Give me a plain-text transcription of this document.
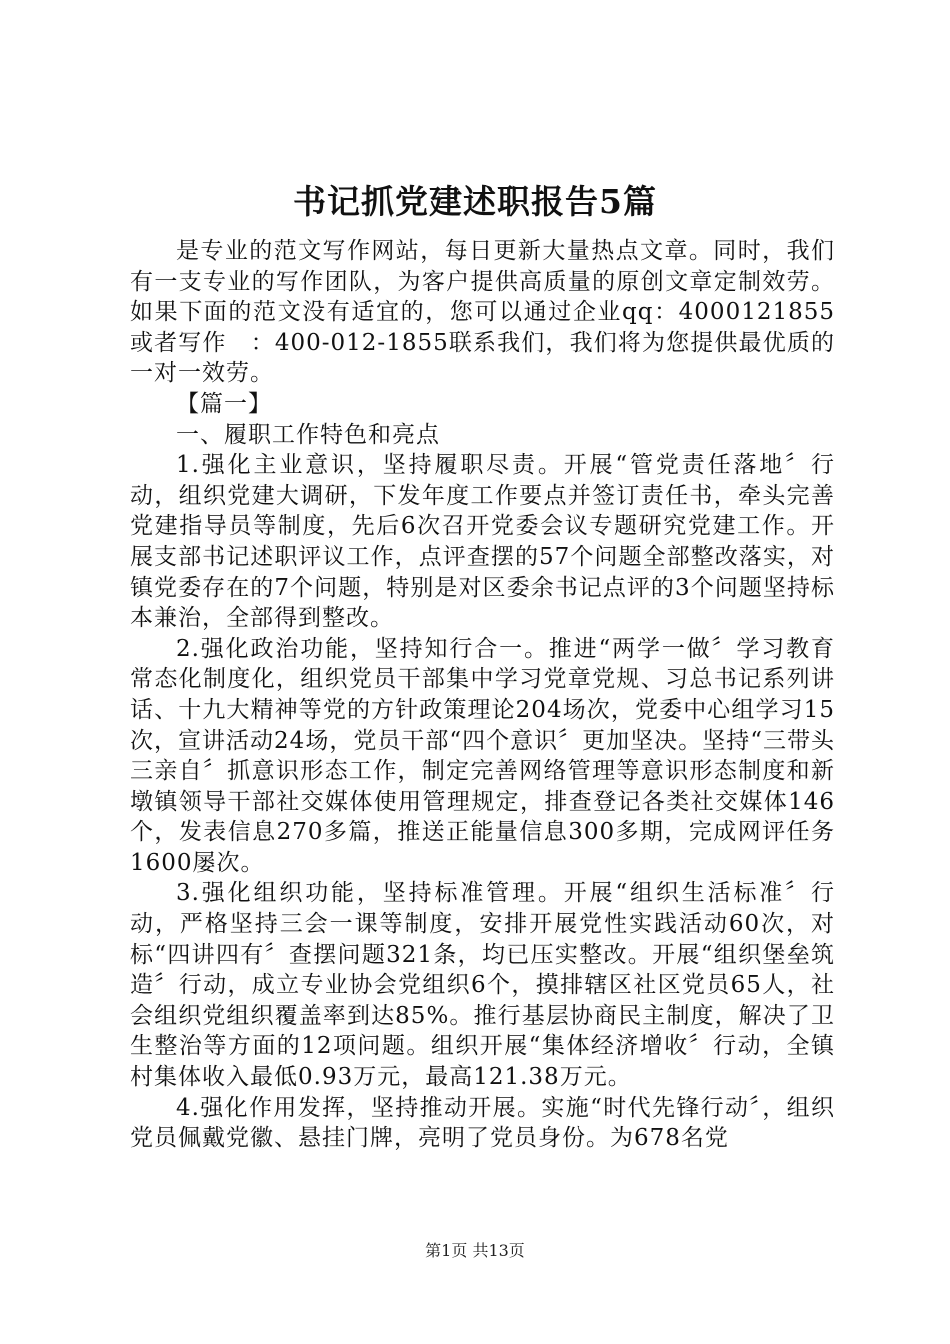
书记抓党建述职报告5篇

是专业的范文写作网站，每日更新大量热点文章。同时，我们有一支专业的写作团队，为客户提供高质量的原创文章定制效劳。如果下面的范文没有适宜的，您可以通过企业qq：4000121855或者写作　：400-012-1855联系我们，我们将为您提供最优质的一对一效劳。

【篇一】

一、履职工作特色和亮点

1.强化主业意识，坚持履职尽责。开展“管党责任落地〞行动，组织党建大调研，下发年度工作要点并签订责任书，牵头完善党建指导员等制度，先后6次召开党委会议专题研究党建工作。开展支部书记述职评议工作，点评查摆的57个问题全部整改落实，对镇党委存在的7个问题，特别是对区委余书记点评的3个问题坚持标本兼治，全部得到整改。

2.强化政治功能，坚持知行合一。推进“两学一做〞学习教育常态化制度化，组织党员干部集中学习党章党规、习总书记系列讲话、十九大精神等党的方针政策理论204场次，党委中心组学习15次，宣讲活动24场，党员干部“四个意识〞更加坚决。坚持“三带头三亲自〞抓意识形态工作，制定完善网络管理等意识形态制度和新墩镇领导干部社交媒体使用管理规定，排查登记各类社交媒体146个，发表信息270多篇，推送正能量信息300多期，完成网评任务1600屡次。

3.强化组织功能，坚持标准管理。开展“组织生活标准〞行动，严格坚持三会一课等制度，安排开展党性实践活动60次，对标“四讲四有〞查摆问题321条，均已压实整改。开展“组织堡垒筑造〞行动，成立专业协会党组织6个，摸排辖区社区党员65人，社会组织党组织覆盖率到达85%。推行基层协商民主制度，解决了卫生整治等方面的12项问题。组织开展“集体经济增收〞行动，全镇村集体收入最低0.93万元，最高121.38万元。

4.强化作用发挥，坚持推动开展。实施“时代先锋行动〞，组织党员佩戴党徽、悬挂门牌，亮明了党员身份。为678名党

第1页 共13页
